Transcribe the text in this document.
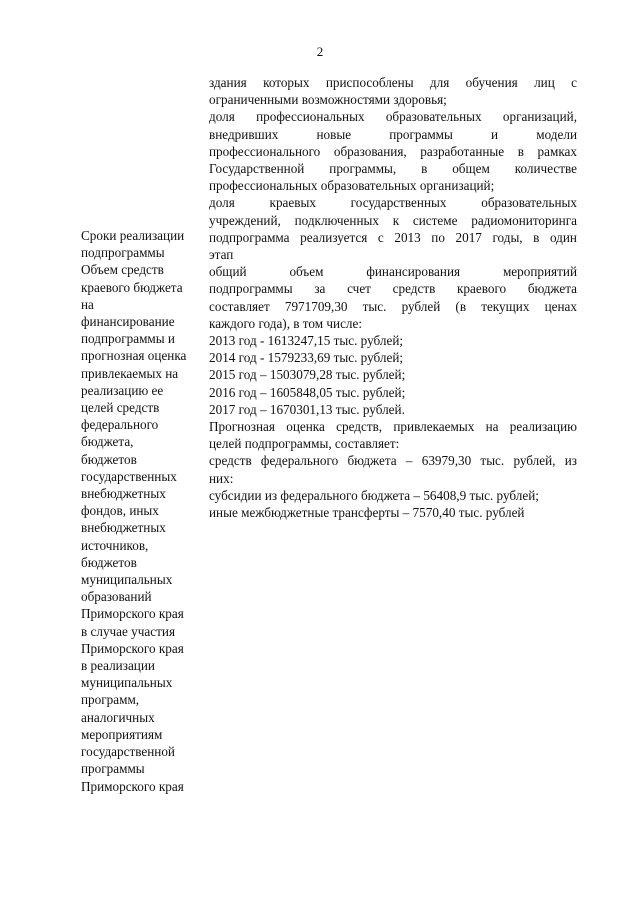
2
Сроки реализации
подпрограммы
Объем средств
краевого бюджета
на
финансирование
подпрограммы и
прогнозная оценка
привлекаемых на
реализацию ее
целей средств
федерального
бюджета,
бюджетов
государственных
внебюджетных
фондов, иных
внебюджетных
источников,
бюджетов
муниципальных
образований
Приморского края
в случае участия
Приморского края
в реализации
муниципальных
программ,
аналогичных
мероприятиям
государственной
программы
Приморского края
здания которых приспособлены для обучения лиц с
ограниченными возможностями здоровья;
доля профессиональных образовательных организаций,
внедривших новые программы и модели
профессионального образования, разработанные в рамках
Государственной программы, в общем количестве
профессиональных образовательных организаций;
доля краевых государственных образовательных
учреждений, подключенных к системе радиомониторинга
подпрограмма реализуется с 2013 по 2017 годы, в один
этап
общий объем финансирования мероприятий
подпрограммы за счет средств краевого бюджета
составляет 7971709,30 тыс. рублей (в текущих ценах
каждого года), в том числе:
2013 год - 1613247,15 тыс. рублей;
2014 год - 1579233,69 тыс. рублей;
2015 год – 1503079,28 тыс. рублей;
2016 год – 1605848,05 тыс. рублей;
2017 год – 1670301,13 тыс. рублей.
Прогнозная оценка средств, привлекаемых на реализацию
целей подпрограммы, составляет:
средств федерального бюджета – 63979,30 тыс. рублей, из
них:
субсидии из федерального бюджета – 56408,9 тыс. рублей;
иные межбюджетные трансферты – 7570,40 тыс. рублей
